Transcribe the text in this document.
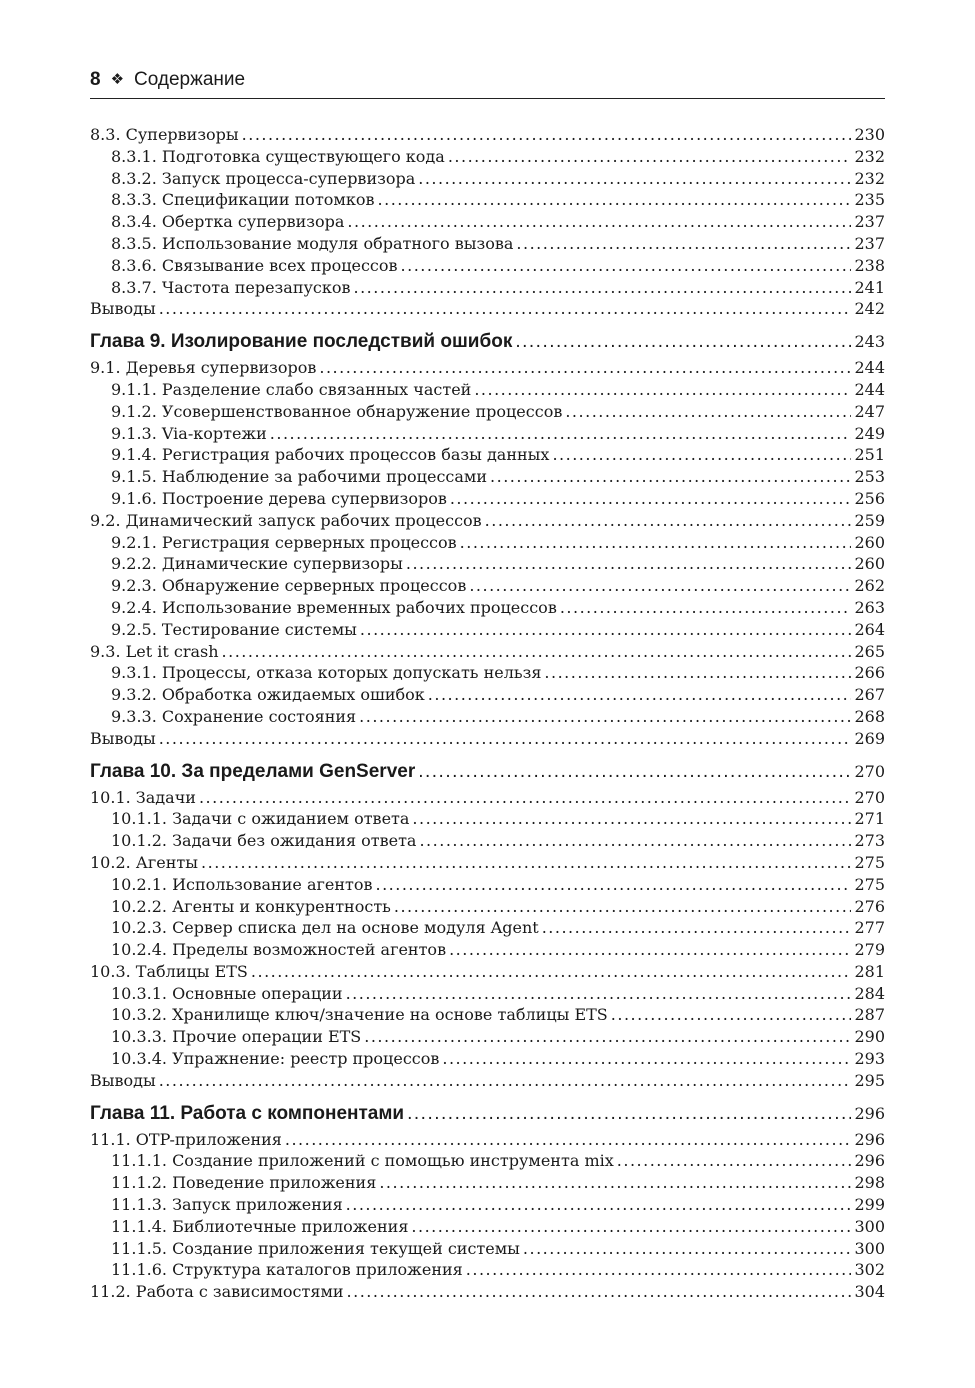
8 ❖ Содержание
8.3. Супервизоры .....	230
8.3.1. Подготовка существующего кода .....	232
8.3.2. Запуск процесса-супервизора .....	232
8.3.3. Спецификации потомков .....	235
8.3.4. Обертка супервизора .....	237
8.3.5. Использование модуля обратного вызова .....	237
8.3.6. Связывание всех процессов .....	238
8.3.7. Частота перезапусков .....	241
Выводы .....	242
Глава 9. Изолирование последствий ошибок .....	243
9.1. Деревья супервизоров .....	244
9.1.1. Разделение слабо связанных частей .....	244
9.1.2. Усовершенствованное обнаружение процессов .....	247
9.1.3. Via-кортежи .....	249
9.1.4. Регистрация рабочих процессов базы данных .....	251
9.1.5. Наблюдение за рабочими процессами .....	253
9.1.6. Построение дерева супервизоров .....	256
9.2. Динамический запуск рабочих процессов .....	259
9.2.1. Регистрация серверных процессов .....	260
9.2.2. Динамические супервизоры .....	260
9.2.3. Обнаружение серверных процессов .....	262
9.2.4. Использование временных рабочих процессов .....	263
9.2.5. Тестирование системы .....	264
9.3. Let it crash .....	265
9.3.1. Процессы, отказа которых допускать нельзя .....	266
9.3.2. Обработка ожидаемых ошибок .....	267
9.3.3. Сохранение состояния .....	268
Выводы .....	269
Глава 10. За пределами GenServer .....	270
10.1. Задачи .....	270
10.1.1. Задачи с ожиданием ответа .....	271
10.1.2. Задачи без ожидания ответа .....	273
10.2. Агенты .....	275
10.2.1. Использование агентов .....	275
10.2.2. Агенты и конкурентность .....	276
10.2.3. Сервер списка дел на основе модуля Agent .....	277
10.2.4. Пределы возможностей агентов .....	279
10.3. Таблицы ETS .....	281
10.3.1. Основные операции .....	284
10.3.2. Хранилище ключ/значение на основе таблицы ETS .....	287
10.3.3. Прочие операции ETS .....	290
10.3.4. Упражнение: реестр процессов .....	293
Выводы .....	295
Глава 11. Работа с компонентами .....	296
11.1. OTP-приложения .....	296
11.1.1. Создание приложений с помощью инструмента mix .....	296
11.1.2. Поведение приложения .....	298
11.1.3. Запуск приложения .....	299
11.1.4. Библиотечные приложения .....	300
11.1.5. Создание приложения текущей системы .....	300
11.1.6. Структура каталогов приложения .....	302
11.2. Работа с зависимостями .....	304
